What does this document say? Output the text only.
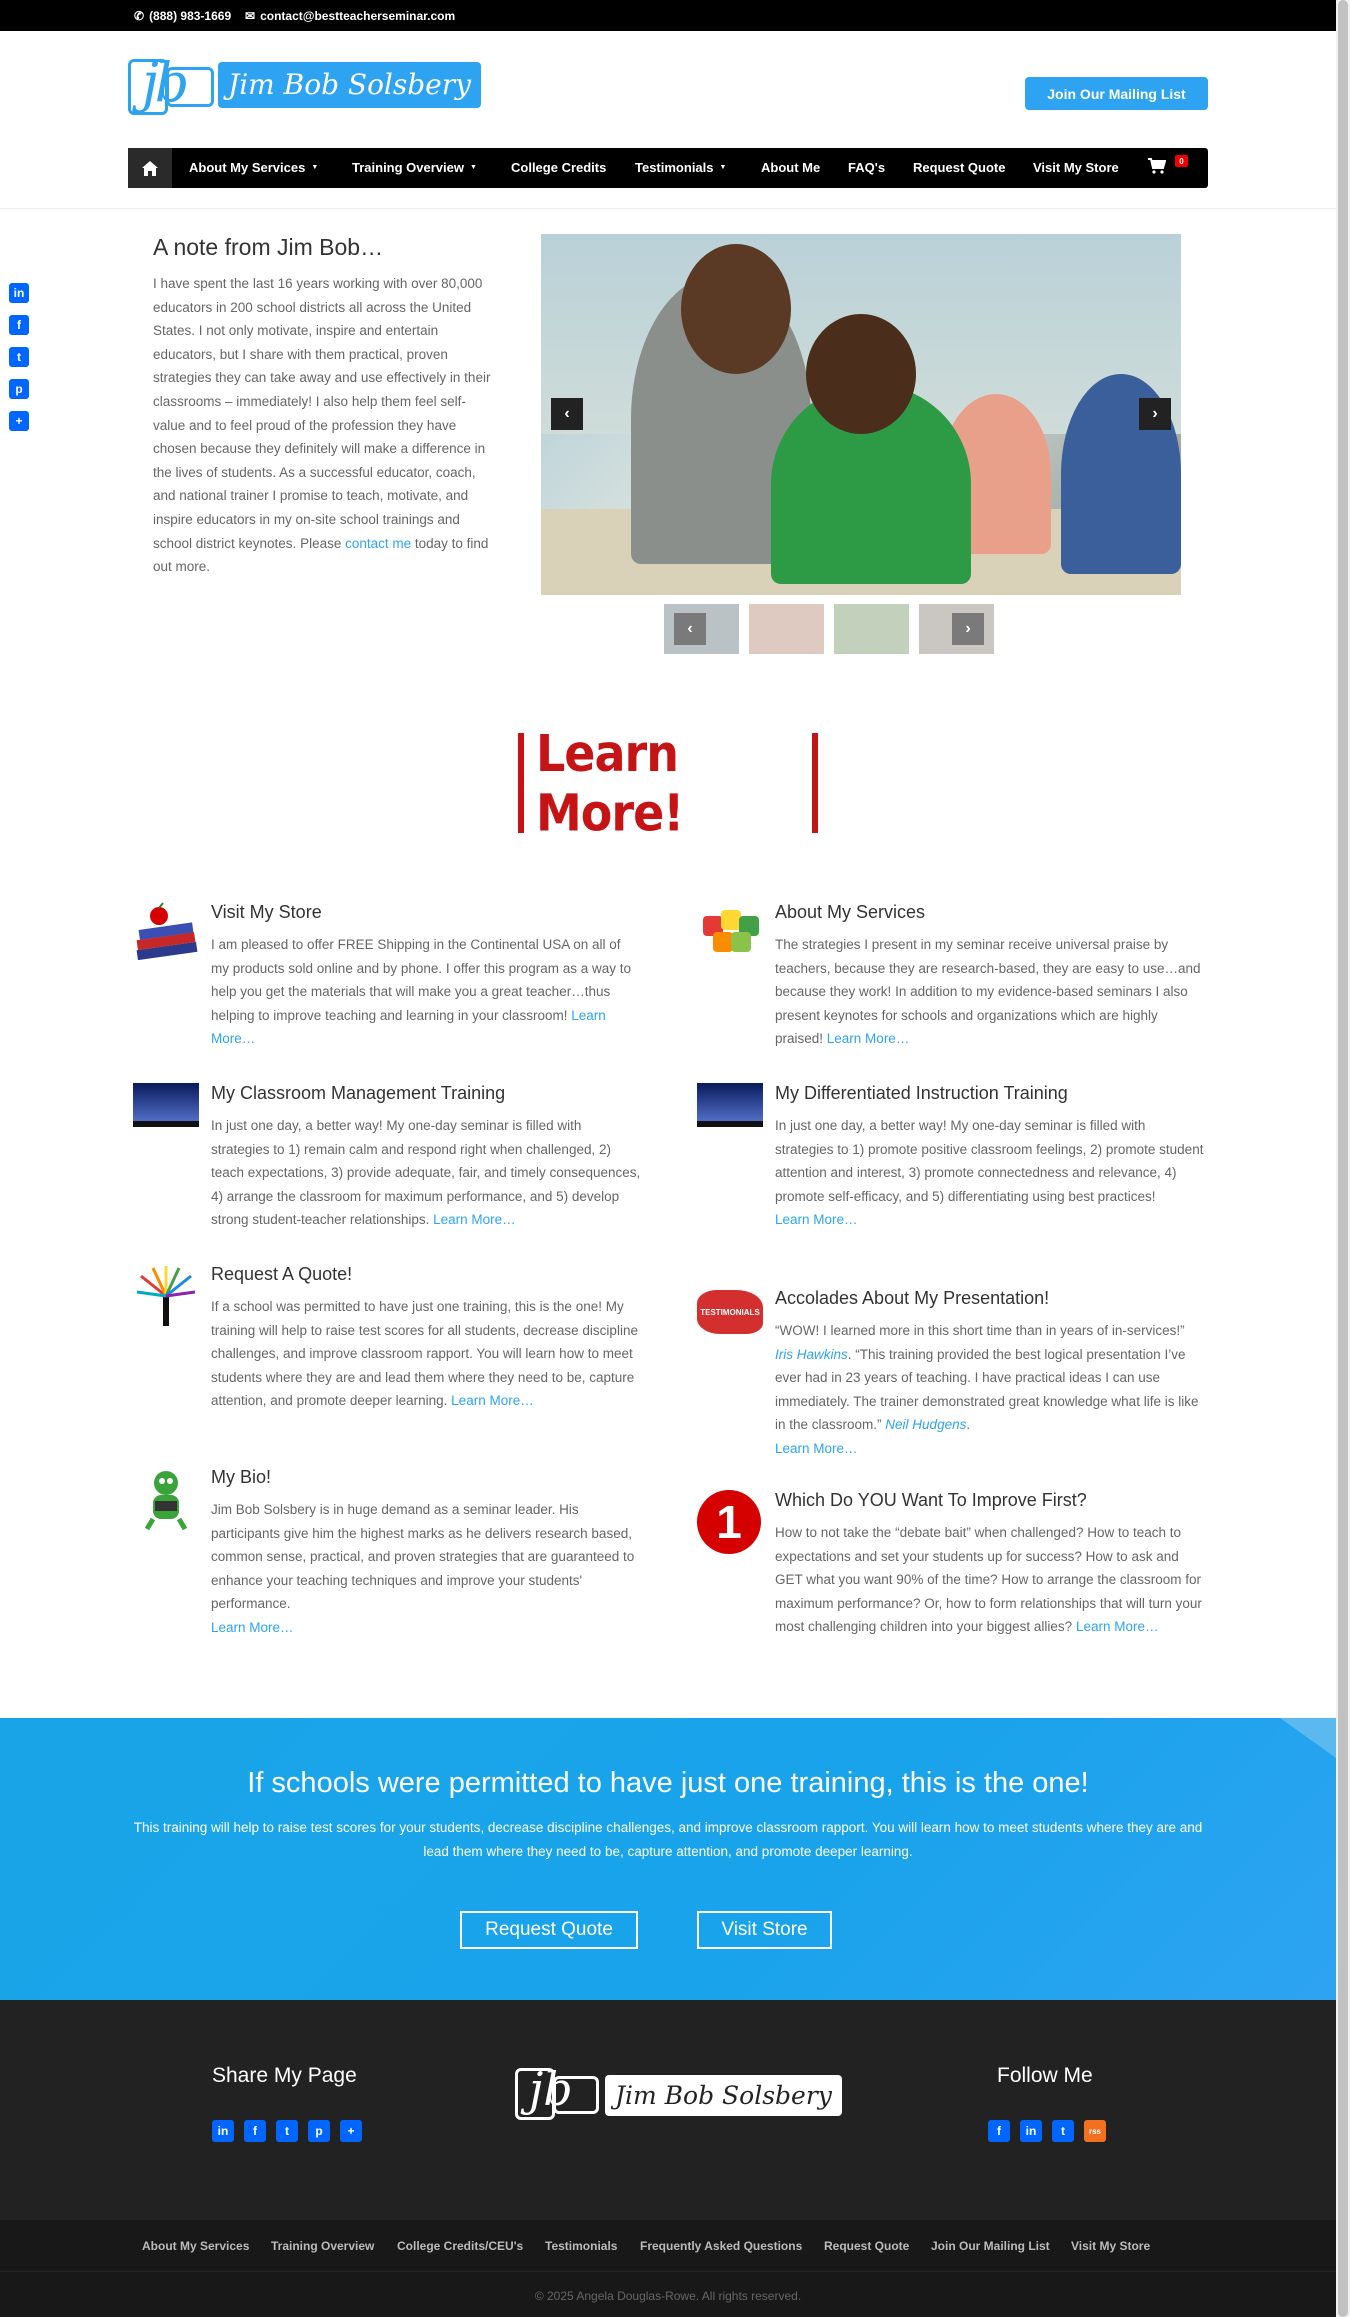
✆ (888) 983-1669 ✉ contact@bestteacherseminar.com
jb	Jim Bob Solsbery	Join Our Mailing List
About My Services ▼	Training Overview ▼	College Credits Testimonials ▼	About Me FAQ's Request Quote Visit My Store	0
in
f
t
p
+
A note from Jim Bob…
I have spent the last 16 years working with over 80,000 educators in 200 school districts all across the United States. I not only motivate, inspire and entertain educators, but I share with them practical, proven strategies they can take away and use effectively in their classrooms – immediately! I also help them feel self-value and to feel proud of the profession they have chosen because they definitely will make a difference in the lives of students. As a successful educator, coach, and national trainer I promise to teach, motivate, and inspire educators in my on-site school trainings and school district keynotes. Please contact me today to find out more.
‹	›
‹	›
Learn More!
Visit My Store

I am pleased to offer FREE Shipping in the Continental USA on all of my products sold online and by phone. I offer this program as a way to help you get the materials that will make you a great teacher…thus helping to improve teaching and learning in your classroom! Learn More…

My Classroom Management Training

In just one day, a better way! My one-day seminar is filled with strategies to 1) remain calm and respond right when challenged, 2) teach expectations, 3) provide adequate, fair, and timely consequences, 4) arrange the classroom for maximum performance, and 5) develop strong student-teacher relationships. Learn More…

Request A Quote!

If a school was permitted to have just one training, this is the one! My training will help to raise test scores for all students, decrease discipline challenges, and improve classroom rapport. You will learn how to meet students where they are and lead them where they need to be, capture attention, and promote deeper learning. Learn More…

My Bio!

Jim Bob Solsbery is in huge demand as a seminar leader. His participants give him the highest marks as he delivers research based, common sense, practical, and proven strategies that are guaranteed to enhance your teaching techniques and improve your students' performance.
Learn More…

About My Services

The strategies I present in my seminar receive universal praise by teachers, because they are research-based, they are easy to use…and because they work! In addition to my evidence-based seminars I also present keynotes for schools and organizations which are highly praised! Learn More…

My Differentiated Instruction Training

In just one day, a better way! My one-day seminar is filled with strategies to 1) promote positive classroom feelings, 2) promote student attention and interest, 3) promote connectedness and relevance, 4) promote self-efficacy, and 5) differentiating using best practices!
Learn More…

TESTIMONIALS
Accolades About My Presentation!

“WOW! I learned more in this short time than in years of in-services!” Iris Hawkins. “This training provided the best logical presentation I’ve ever had in 23 years of teaching. I have practical ideas I can use immediately. The trainer demonstrated great knowledge what life is like in the classroom.” Neil Hudgens.
Learn More…

1	Which Do YOU Want To Improve First?

How to not take the “debate bait” when challenged? How to teach to expectations and set your students up for success? How to ask and GET what you want 90% of the time? How to arrange the classroom for maximum performance? Or, how to form relationships that will turn your most challenging children into your biggest allies? Learn More…

If schools were permitted to have just one training, this is the one!

This training will help to raise test scores for your students, decrease discipline challenges, and improve classroom rapport. You will learn how to meet students where they are and lead them where they need to be, capture attention, and promote deeper learning.

Request Quote	Visit Store
Share My Page
in	f	t	p	+
jb	Jim Bob Solsbery
Follow Me
f	in	t	rss
About My Services Training Overview College Credits/CEU's Testimonials Frequently Asked Questions Request Quote Join Our Mailing List Visit My Store
© 2025 Angela Douglas-Rowe. All rights reserved.
